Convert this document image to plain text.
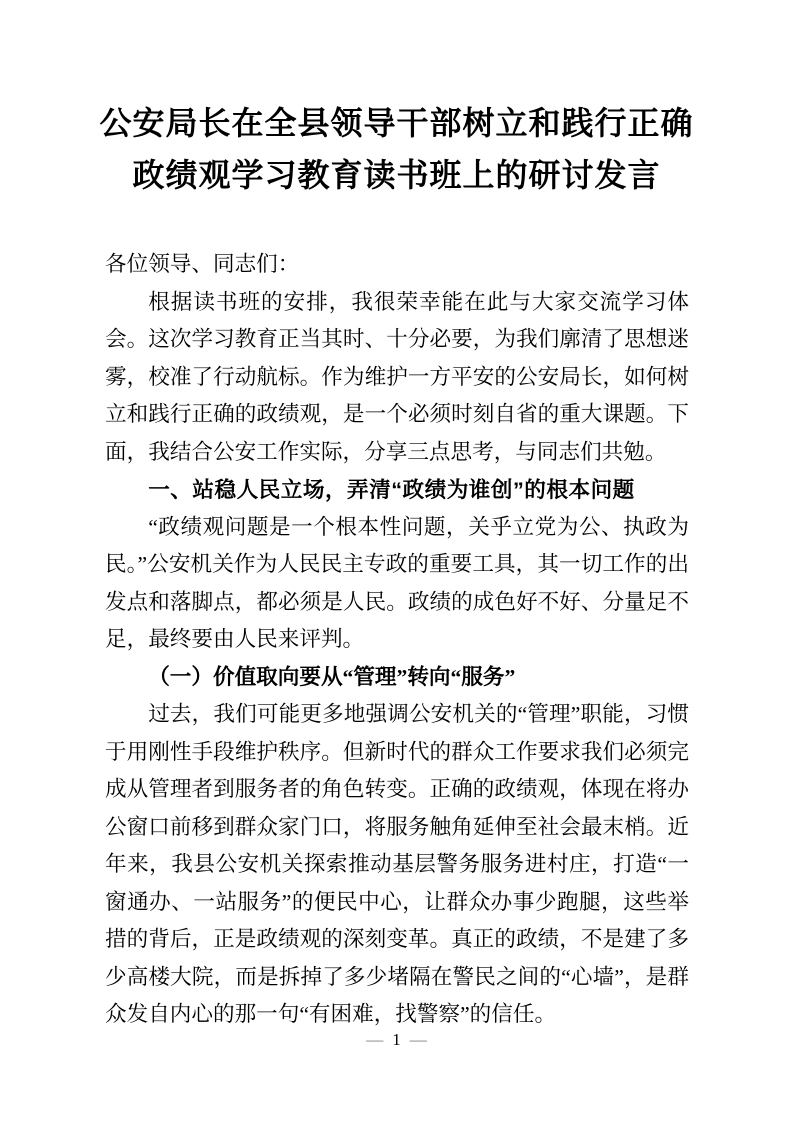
公安局长在全县领导干部树立和践行正确
政绩观学习教育读书班上的研讨发言

各位领导、同志们：

根据读书班的安排，我很荣幸能在此与大家交流学习体会。这次学习教育正当其时、十分必要，为我们廓清了思想迷雾，校准了行动航标。作为维护一方平安的公安局长，如何树立和践行正确的政绩观，是一个必须时刻自省的重大课题。下面，我结合公安工作实际，分享三点思考，与同志们共勉。

一、站稳人民立场，弄清“政绩为谁创”的根本问题

“政绩观问题是一个根本性问题，关乎立党为公、执政为民。”公安机关作为人民民主专政的重要工具，其一切工作的出发点和落脚点，都必须是人民。政绩的成色好不好、分量足不足，最终要由人民来评判。

（一）价值取向要从“管理”转向“服务”

过去，我们可能更多地强调公安机关的“管理”职能，习惯于用刚性手段维护秩序。但新时代的群众工作要求我们必须完成从管理者到服务者的角色转变。正确的政绩观，体现在将办公窗口前移到群众家门口，将服务触角延伸至社会最末梢。近年来，我县公安机关探索推动基层警务服务进村庄，打造“一窗通办、一站服务”的便民中心，让群众办事少跑腿，这些举措的背后，正是政绩观的深刻变革。真正的政绩，不是建了多少高楼大院，而是拆掉了多少堵隔在警民之间的“心墙”，是群众发自内心的那一句“有困难，找警察”的信任。

— 1 —
